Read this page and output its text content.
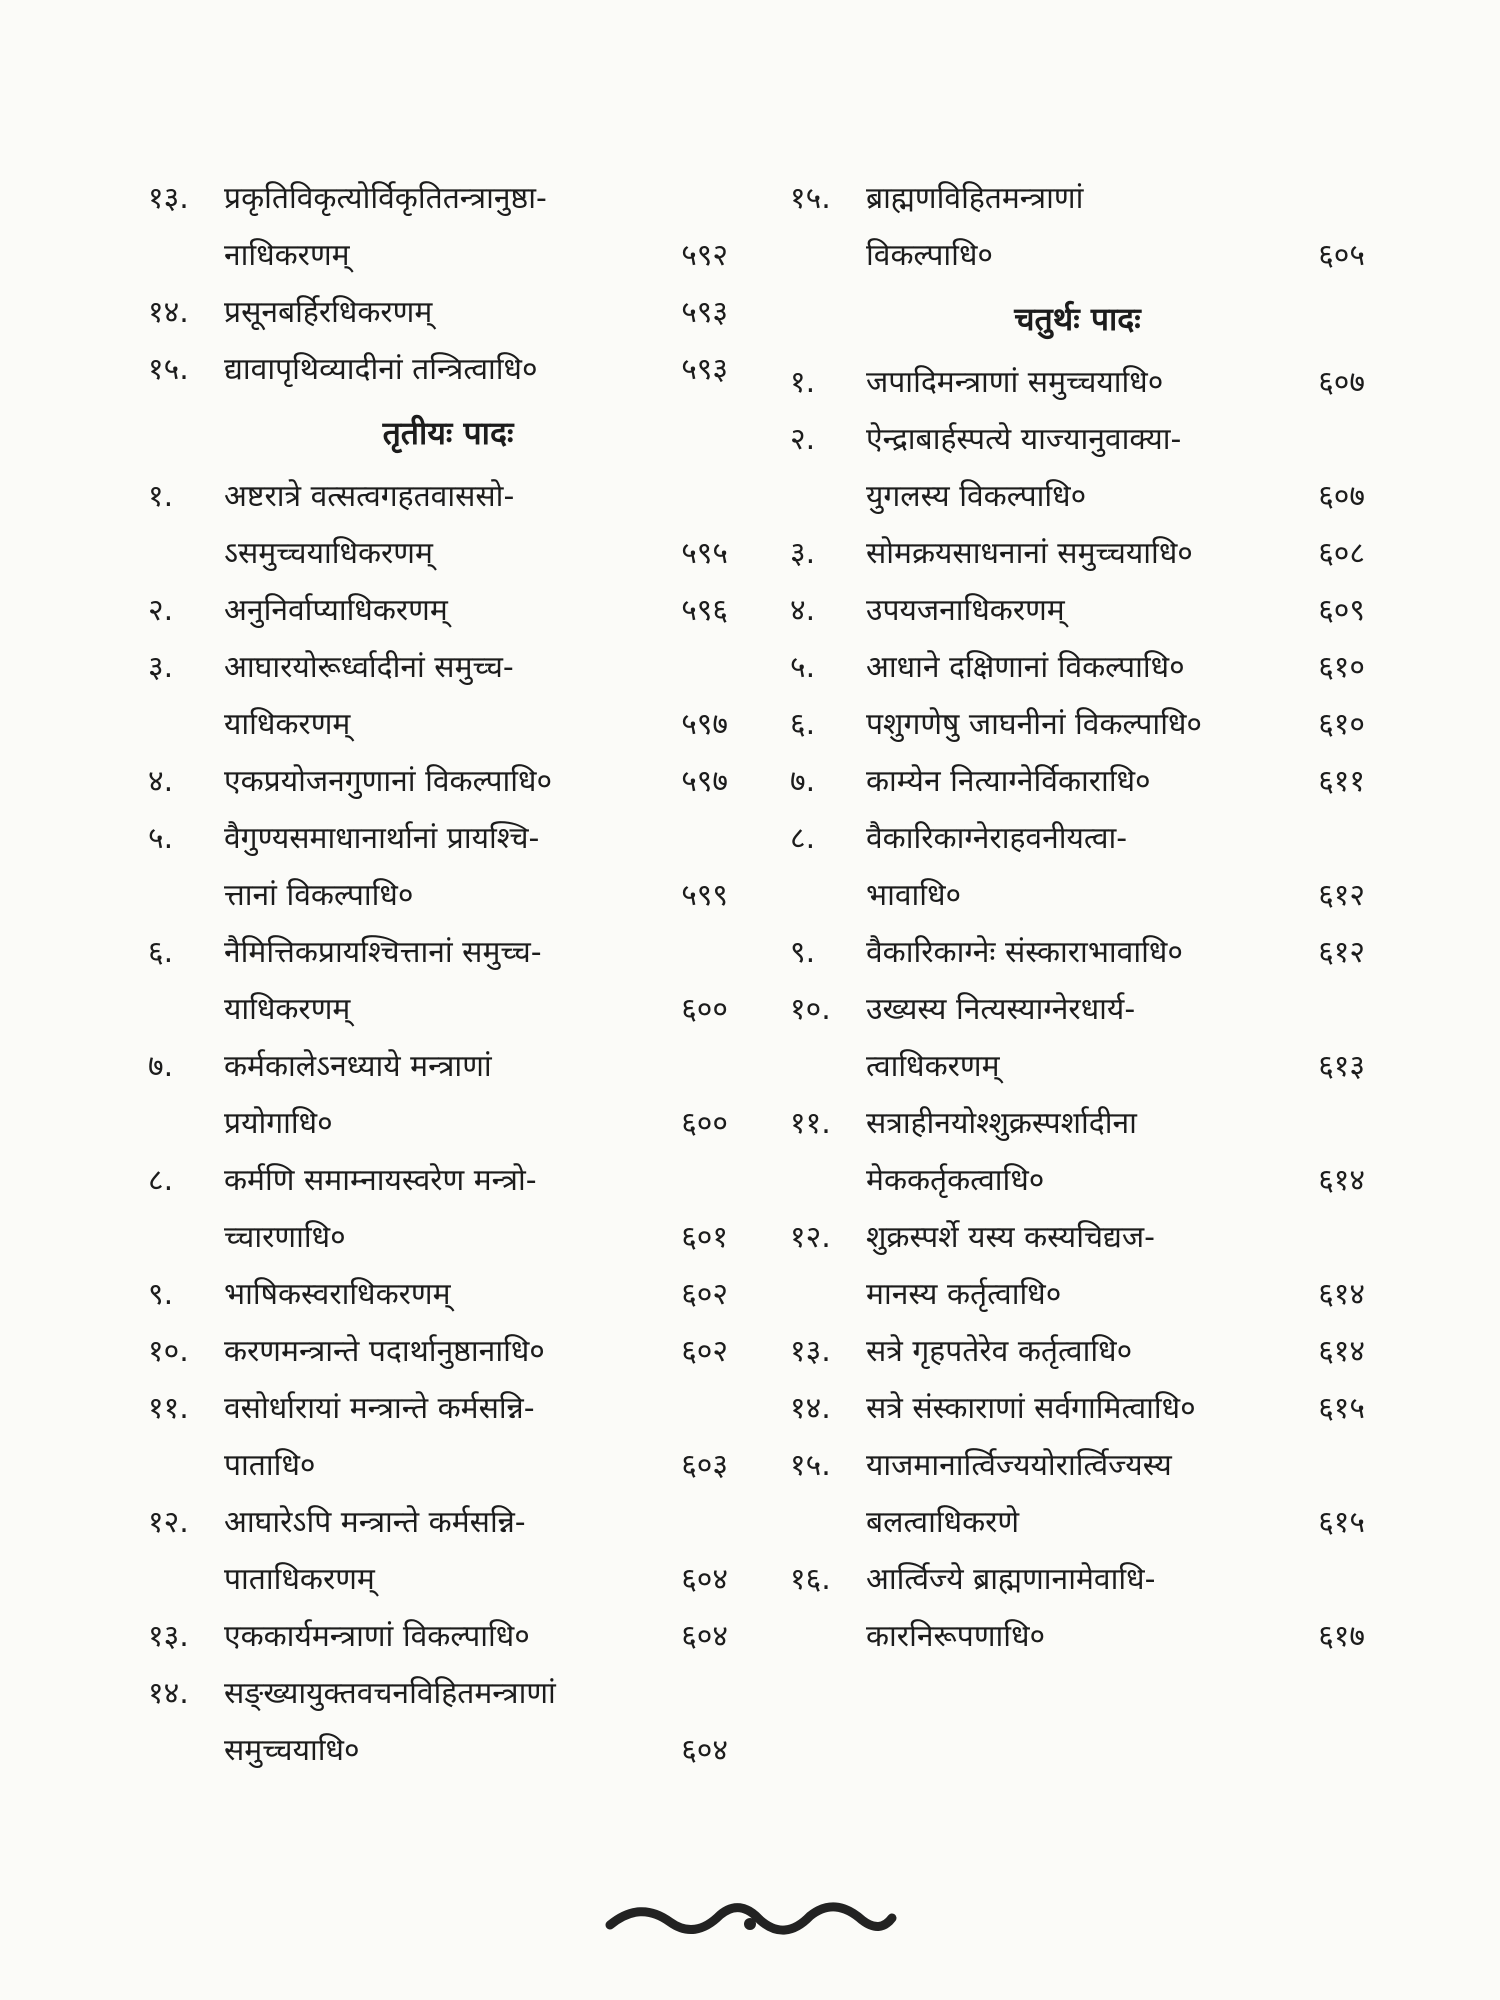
१३.	प्रकृतिविकृत्योर्विकृतितन्त्रानुष्ठा-
नाधिकरणम्	५९२
१४.	प्रसूनबर्हिरधिकरणम्	५९३
१५.	द्यावापृथिव्यादीनां तन्त्रित्वाधि०	५९३
तृतीयः पादः
१.	अष्टरात्रे वत्सत्वगहतवाससो-
ऽसमुच्चयाधिकरणम्	५९५
२.	अनुनिर्वाप्याधिकरणम्	५९६
३.	आघारयोरूर्ध्वादीनां समुच्च-
याधिकरणम्	५९७
४.	एकप्रयोजनगुणानां विकल्पाधि०	५९७
५.	वैगुण्यसमाधानार्थानां प्रायश्चि-
त्तानां विकल्पाधि०	५९९
६.	नैमित्तिकप्रायश्चित्तानां समुच्च-
याधिकरणम्	६००
७.	कर्मकालेऽनध्याये मन्त्राणां
प्रयोगाधि०	६००
८.	कर्मणि समाम्नायस्वरेण मन्त्रो-
च्चारणाधि०	६०१
९.	भाषिकस्वराधिकरणम्	६०२
१०.	करणमन्त्रान्ते पदार्थानुष्ठानाधि०	६०२
११.	वसोर्धारायां मन्त्रान्ते कर्मसन्नि-
पाताधि०	६०३
१२.	आघारेऽपि मन्त्रान्ते कर्मसन्नि-
पाताधिकरणम्	६०४
१३.	एककार्यमन्त्राणां विकल्पाधि०	६०४
१४.	सङ्ख्यायुक्तवचनविहितमन्त्राणां
समुच्चयाधि०	६०४
१५.	ब्राह्मणविहितमन्त्राणां
विकल्पाधि०	६०५
चतुर्थः पादः
१.	जपादिमन्त्राणां समुच्चयाधि०	६०७
२.	ऐन्द्राबार्हस्पत्ये याज्यानुवाक्या-
युगलस्य विकल्पाधि०	६०७
३.	सोमक्रयसाधनानां समुच्चयाधि०	६०८
४.	उपयजनाधिकरणम्	६०९
५.	आधाने दक्षिणानां विकल्पाधि०	६१०
६.	पशुगणेषु जाघनीनां विकल्पाधि०	६१०
७.	काम्येन नित्याग्नेर्विकाराधि०	६११
८.	वैकारिकाग्नेराहवनीयत्वा-
भावाधि०	६१२
९.	वैकारिकाग्नेः संस्काराभावाधि०	६१२
१०.	उख्यस्य नित्यस्याग्नेरधार्य-
त्वाधिकरणम्	६१३
११.	सत्राहीनयोश्शुक्रस्पर्शादीना
मेककर्तृकत्वाधि०	६१४
१२.	शुक्रस्पर्शे यस्य कस्यचिद्यज-
मानस्य कर्तृत्वाधि०	६१४
१३.	सत्रे गृहपतेरेव कर्तृत्वाधि०	६१४
१४.	सत्रे संस्काराणां सर्वगामित्वाधि०	६१५
१५.	याजमानार्त्विज्ययोरार्त्विज्यस्य
बलत्वाधिकरणे	६१५
१६.	आर्त्विज्ये ब्राह्मणानामेवाधि-
कारनिरूपणाधि०	६१७
